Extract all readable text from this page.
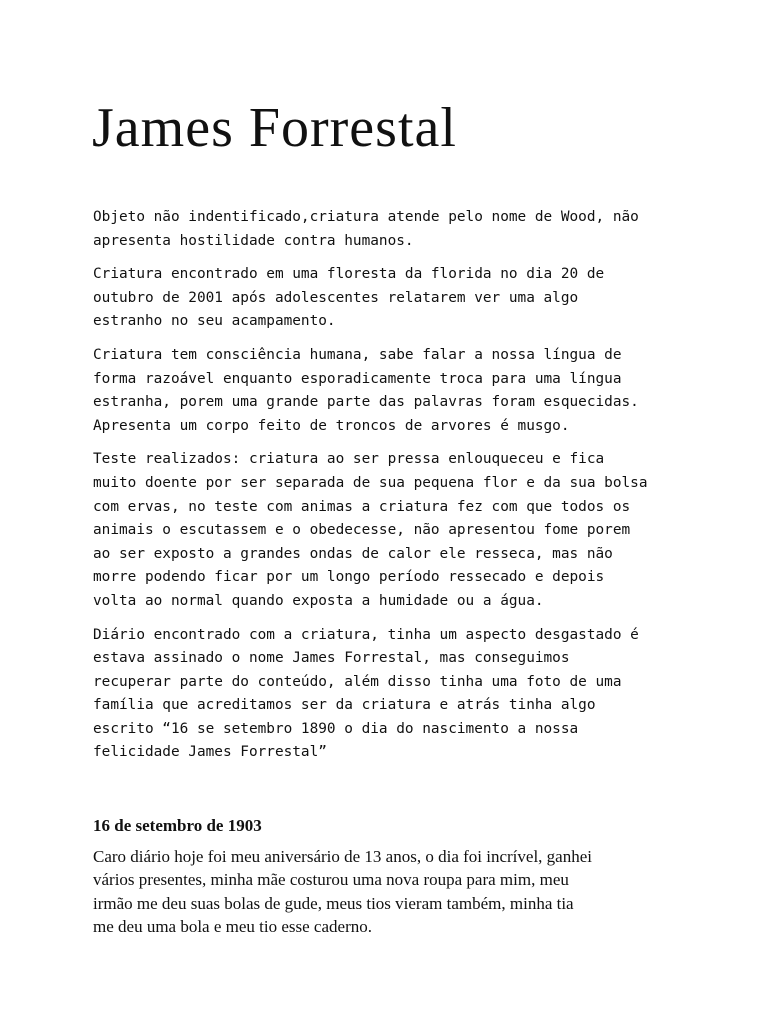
James Forrestal

Objeto não indentificado,criatura atende pelo nome de Wood, não
apresenta hostilidade contra humanos.

Criatura encontrado em uma floresta da florida no dia 20 de
outubro de 2001 após adolescentes relatarem ver uma algo
estranho no seu acampamento.

Criatura tem consciência humana, sabe falar a nossa língua de
forma razoável enquanto esporadicamente troca para uma língua
estranha, porem uma grande parte das palavras foram esquecidas.
Apresenta um corpo feito de troncos de arvores é musgo.

Teste realizados: criatura ao ser pressa enlouqueceu e fica
muito doente por ser separada de sua pequena flor e da sua bolsa
com ervas, no teste com animas a criatura fez com que todos os
animais o escutassem e o obedecesse, não apresentou fome porem
ao ser exposto a grandes ondas de calor ele resseca, mas não
morre podendo ficar por um longo período ressecado e depois
volta ao normal quando exposta a humidade ou a água.

Diário encontrado com a criatura, tinha um aspecto desgastado é
estava assinado o nome James Forrestal, mas conseguimos
recuperar parte do conteúdo, além disso tinha uma foto de uma
família que acreditamos ser da criatura e atrás tinha algo
escrito “16 se setembro 1890 o dia do nascimento a nossa
felicidade James Forrestal”

16 de setembro de 1903

Caro diário hoje foi meu aniversário de 13 anos, o dia foi incrível, ganhei
vários presentes, minha mãe costurou uma nova roupa para mim, meu
irmão me deu suas bolas de gude, meus tios vieram também, minha tia
me deu uma bola e meu tio esse caderno.
